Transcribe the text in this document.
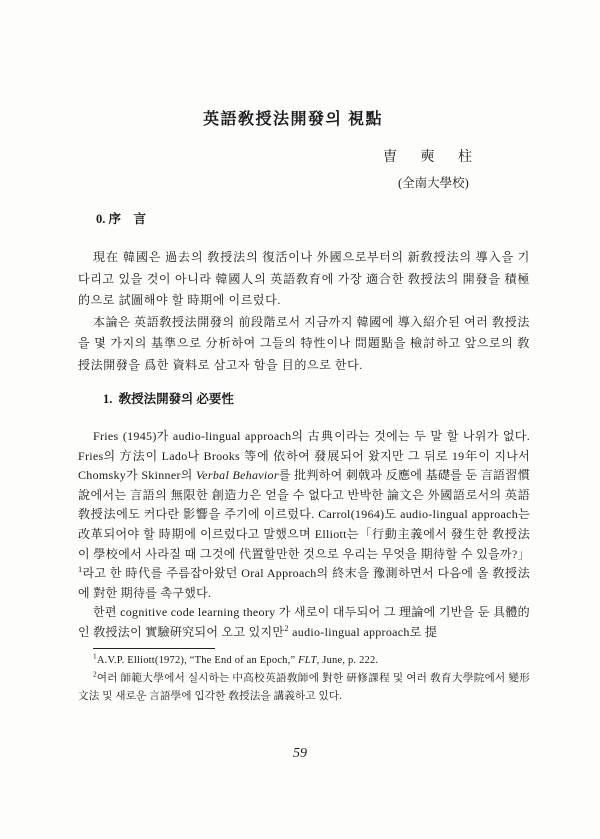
英語敎授法開發의 視點
曺 奭 柱
(全南大學校)
0. 序    言

現在 韓國은 過去의 敎授法의 復活이나 外國으로부터의 新敎授法의 導入을 기다리고 있을 것이 아니라 韓國人의 英語敎育에 가장 適合한 敎授法의 開發을 積極的으로 試圖해야 할 時期에 이르렀다.

本論은 英語敎授法開發의 前段階로서 지금까지 韓國에 導入紹介된 여러 敎授法을 몇 가지의 基準으로 分析하여 그들의 特性이나 問題點을 檢討하고 앞으로의 敎授法開發을 爲한 資料로 삼고자 함을 目的으로 한다.

1.  敎授法開發의 必要性

Fries (1945)가 audio-lingual approach의 古典이라는 것에는 두 말 할 나위가 없다. Fries의 方法이 Lado나 Brooks 等에 依하여 發展되어 왔지만 그 뒤로 19年이 지나서 Chomsky가 Skinner의 Verbal Behavior를 批判하여 刺戟과 反應에 基礎를 둔 言語習慣說에서는 言語의 無限한 創造力은 얻을 수 없다고 반박한 論文은 外國語로서의 英語敎授法에도 커다란 影響을 주기에 이르렀다. Carrol(1964)도 audio-lingual approach는 改革되어야 할 時期에 이르렀다고 말했으며 Elliott는「行動主義에서 發生한 敎授法이 學校에서 사라질 때 그것에 代置할만한 것으로 우리는 무엇을 期待할 수 있을까?」$^1$라고 한 時代를 주름잡아왔던 Oral Approach의 終末을 豫測하면서 다음에 올 敎授法에 對한 期待를 촉구했다.

한편 cognitive code learning theory 가 새로이 대두되어 그 理論에 기반을 둔 具體的인 敎授法이 實驗硏究되어 오고 있지만$^2$ audio-lingual approach로 提

$^1$A.V.P. Elliott(1972), “The End of an Epoch,” FLT, June, p. 222.

$^2$여러 師範大學에서 실시하는 中高校英語敎師에 對한 硏修課程 및 여러 敎育大學院에서 變形文法 및 새로운 言語學에 입각한 敎授法을 講義하고 있다.

59
